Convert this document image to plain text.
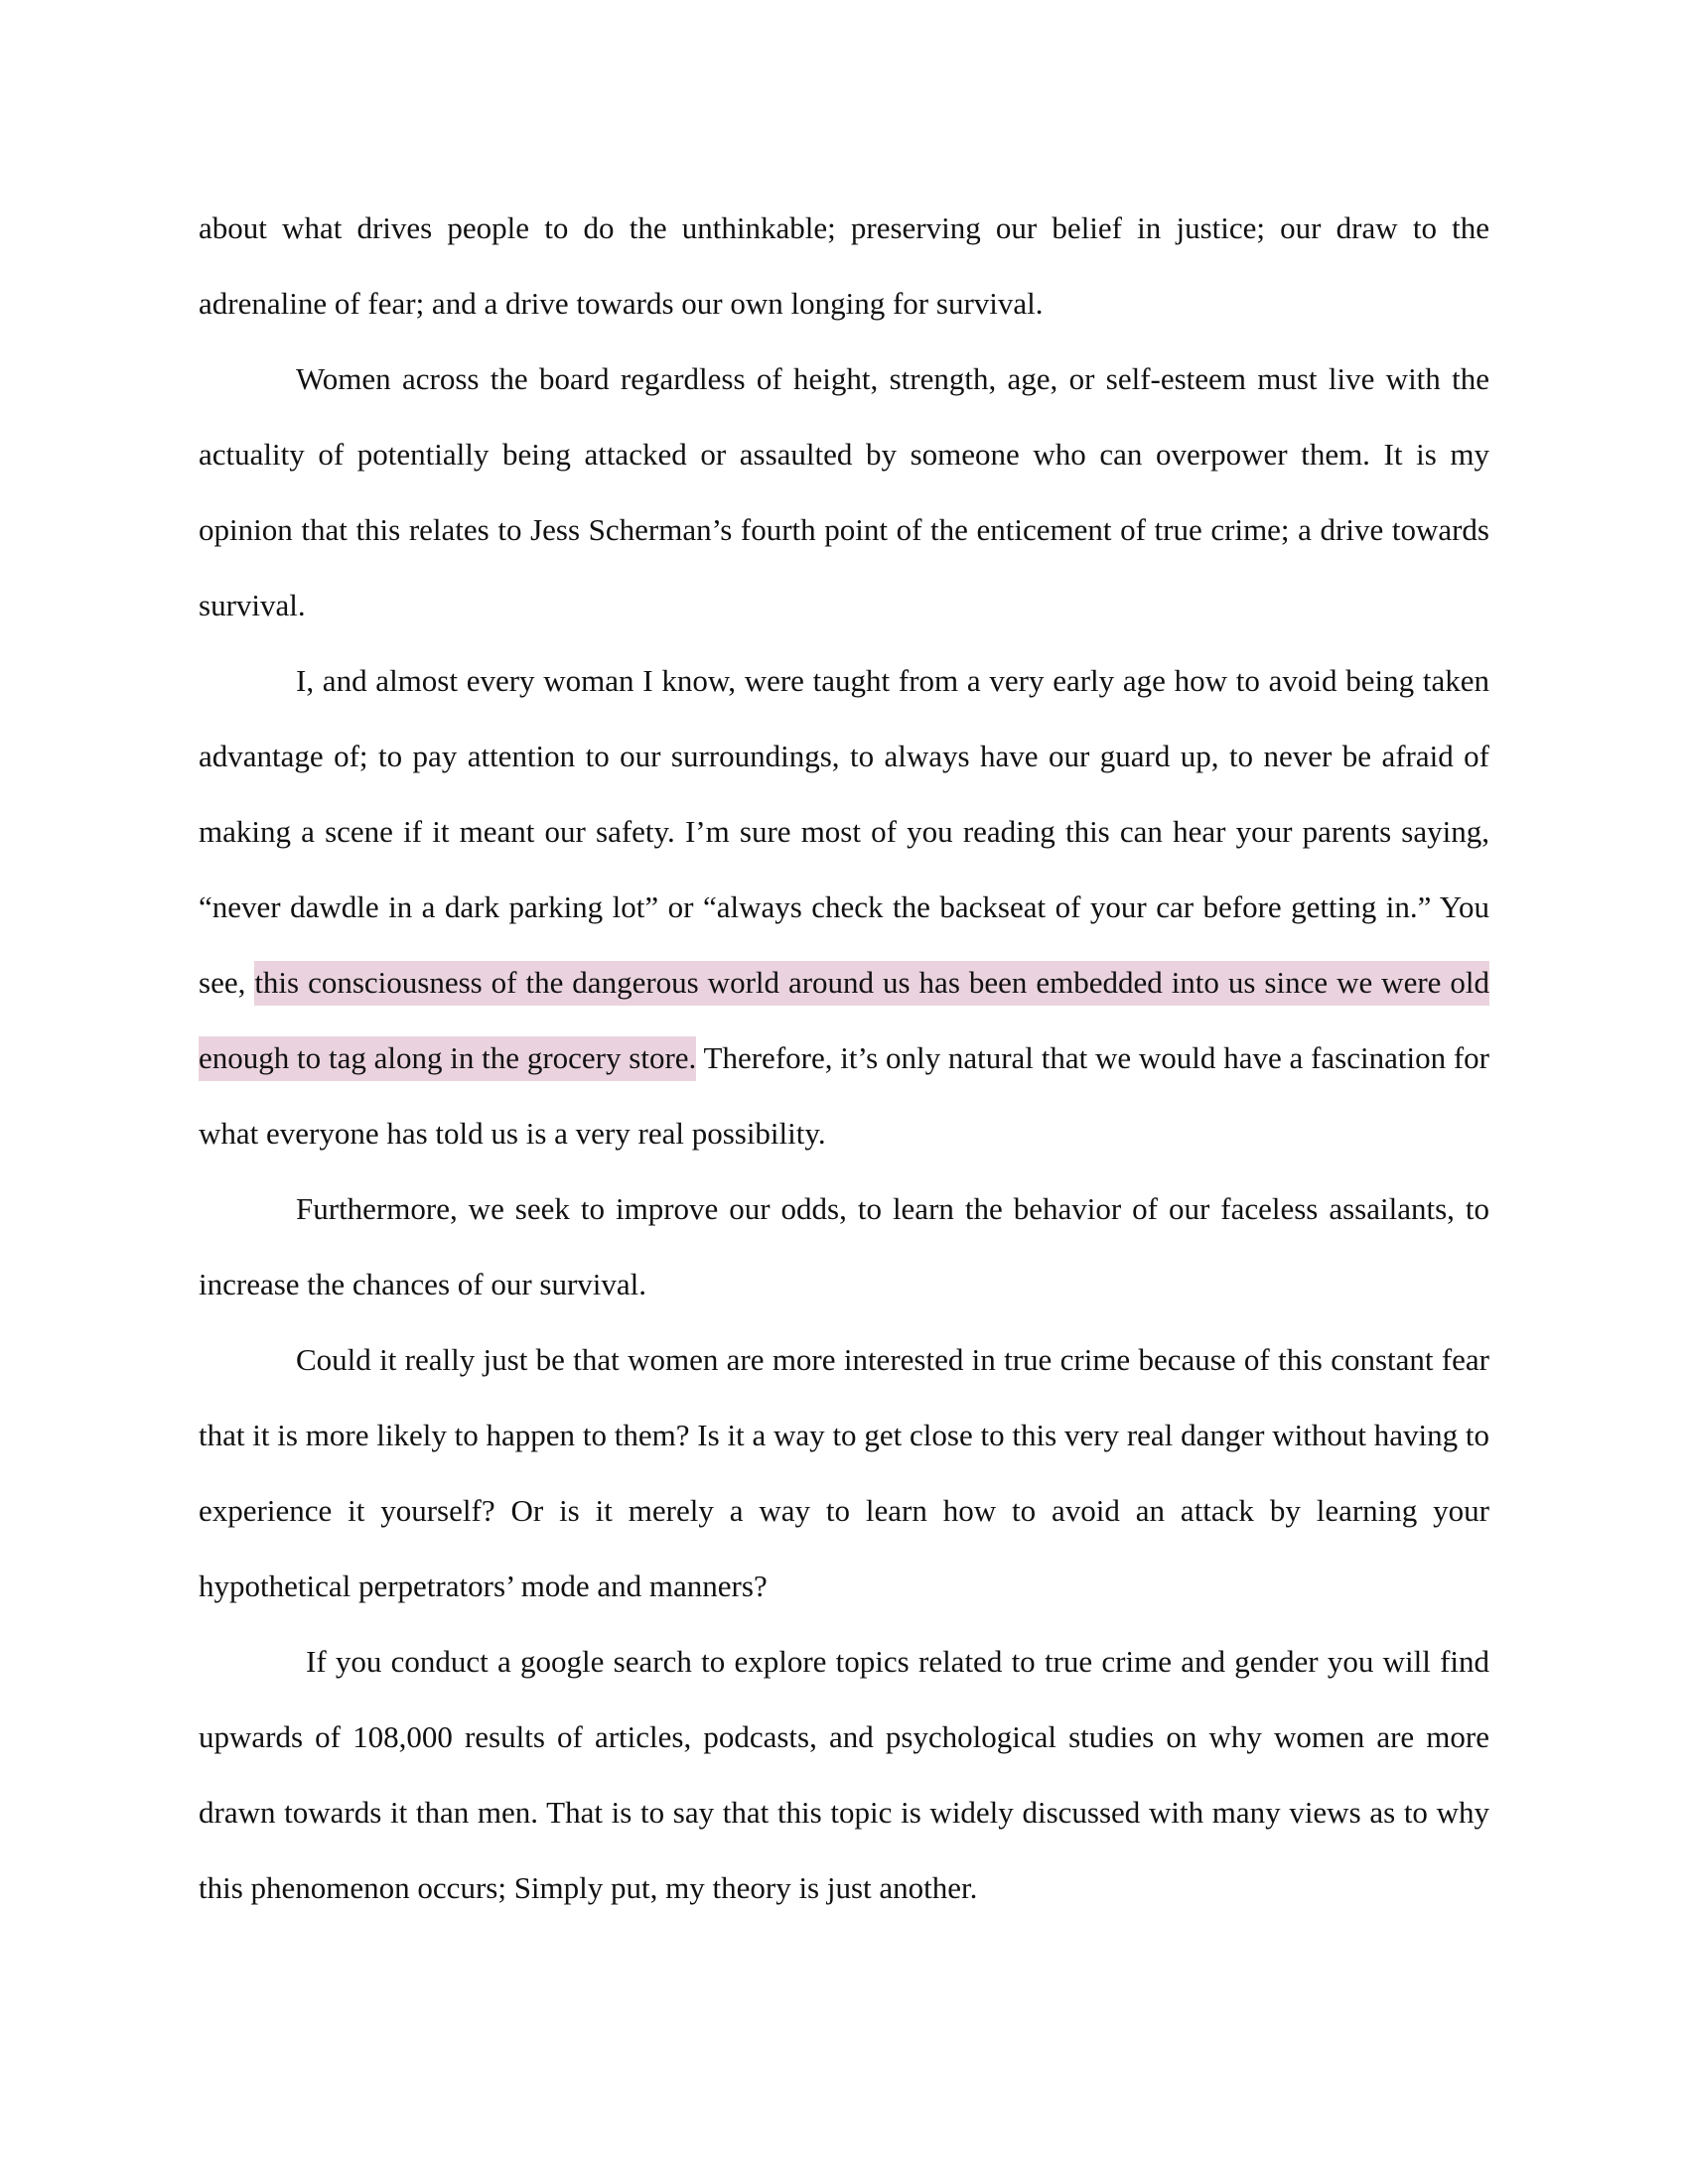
about what drives people to do the unthinkable; preserving our belief in justice; our draw to the adrenaline of fear; and a drive towards our own longing for survival.

Women across the board regardless of height, strength, age, or self-esteem must live with the actuality of potentially being attacked or assaulted by someone who can overpower them. It is my opinion that this relates to Jess Scherman’s fourth point of the enticement of true crime; a drive towards survival.

I, and almost every woman I know, were taught from a very early age how to avoid being taken advantage of; to pay attention to our surroundings, to always have our guard up, to never be afraid of making a scene if it meant our safety. I’m sure most of you reading this can hear your parents saying, “never dawdle in a dark parking lot” or “always check the backseat of your car before getting in.” You see, this consciousness of the dangerous world around us has been embedded into us since we were old enough to tag along in the grocery store. Therefore, it’s only natural that we would have a fascination for what everyone has told us is a very real possibility.

Furthermore, we seek to improve our odds, to learn the behavior of our faceless assailants, to increase the chances of our survival.

Could it really just be that women are more interested in true crime because of this constant fear that it is more likely to happen to them? Is it a way to get close to this very real danger without having to experience it yourself? Or is it merely a way to learn how to avoid an attack by learning your hypothetical perpetrators’ mode and manners?

If you conduct a google search to explore topics related to true crime and gender you will find upwards of 108,000 results of articles, podcasts, and psychological studies on why women are more drawn towards it than men. That is to say that this topic is widely discussed with many views as to why this phenomenon occurs; Simply put, my theory is just another.
